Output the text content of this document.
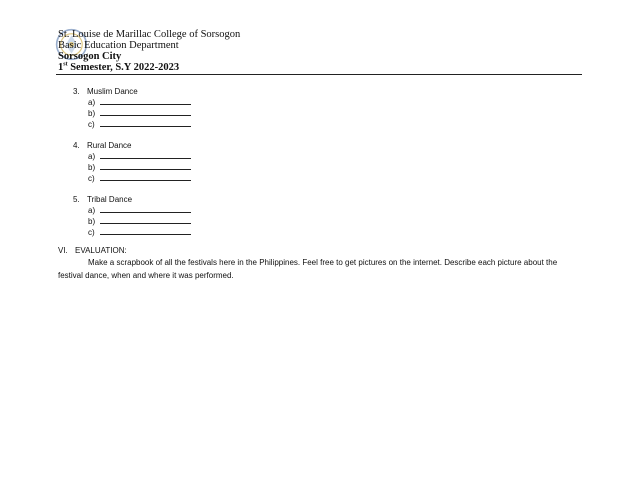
St. Louise de Marillac College of Sorsogon
Basic Education Department
Sorsogon City
1st Semester, S.Y 2022-2023
3. Muslim Dance
a)
b)
c)
4. Rural Dance
a)
b)
c)
5. Tribal Dance
a)
b)
c)
VI. EVALUATION:
Make a scrapbook of all the festivals here in the Philippines. Feel free to get pictures on the internet. Describe each picture about the festival dance, when and where it was performed.
